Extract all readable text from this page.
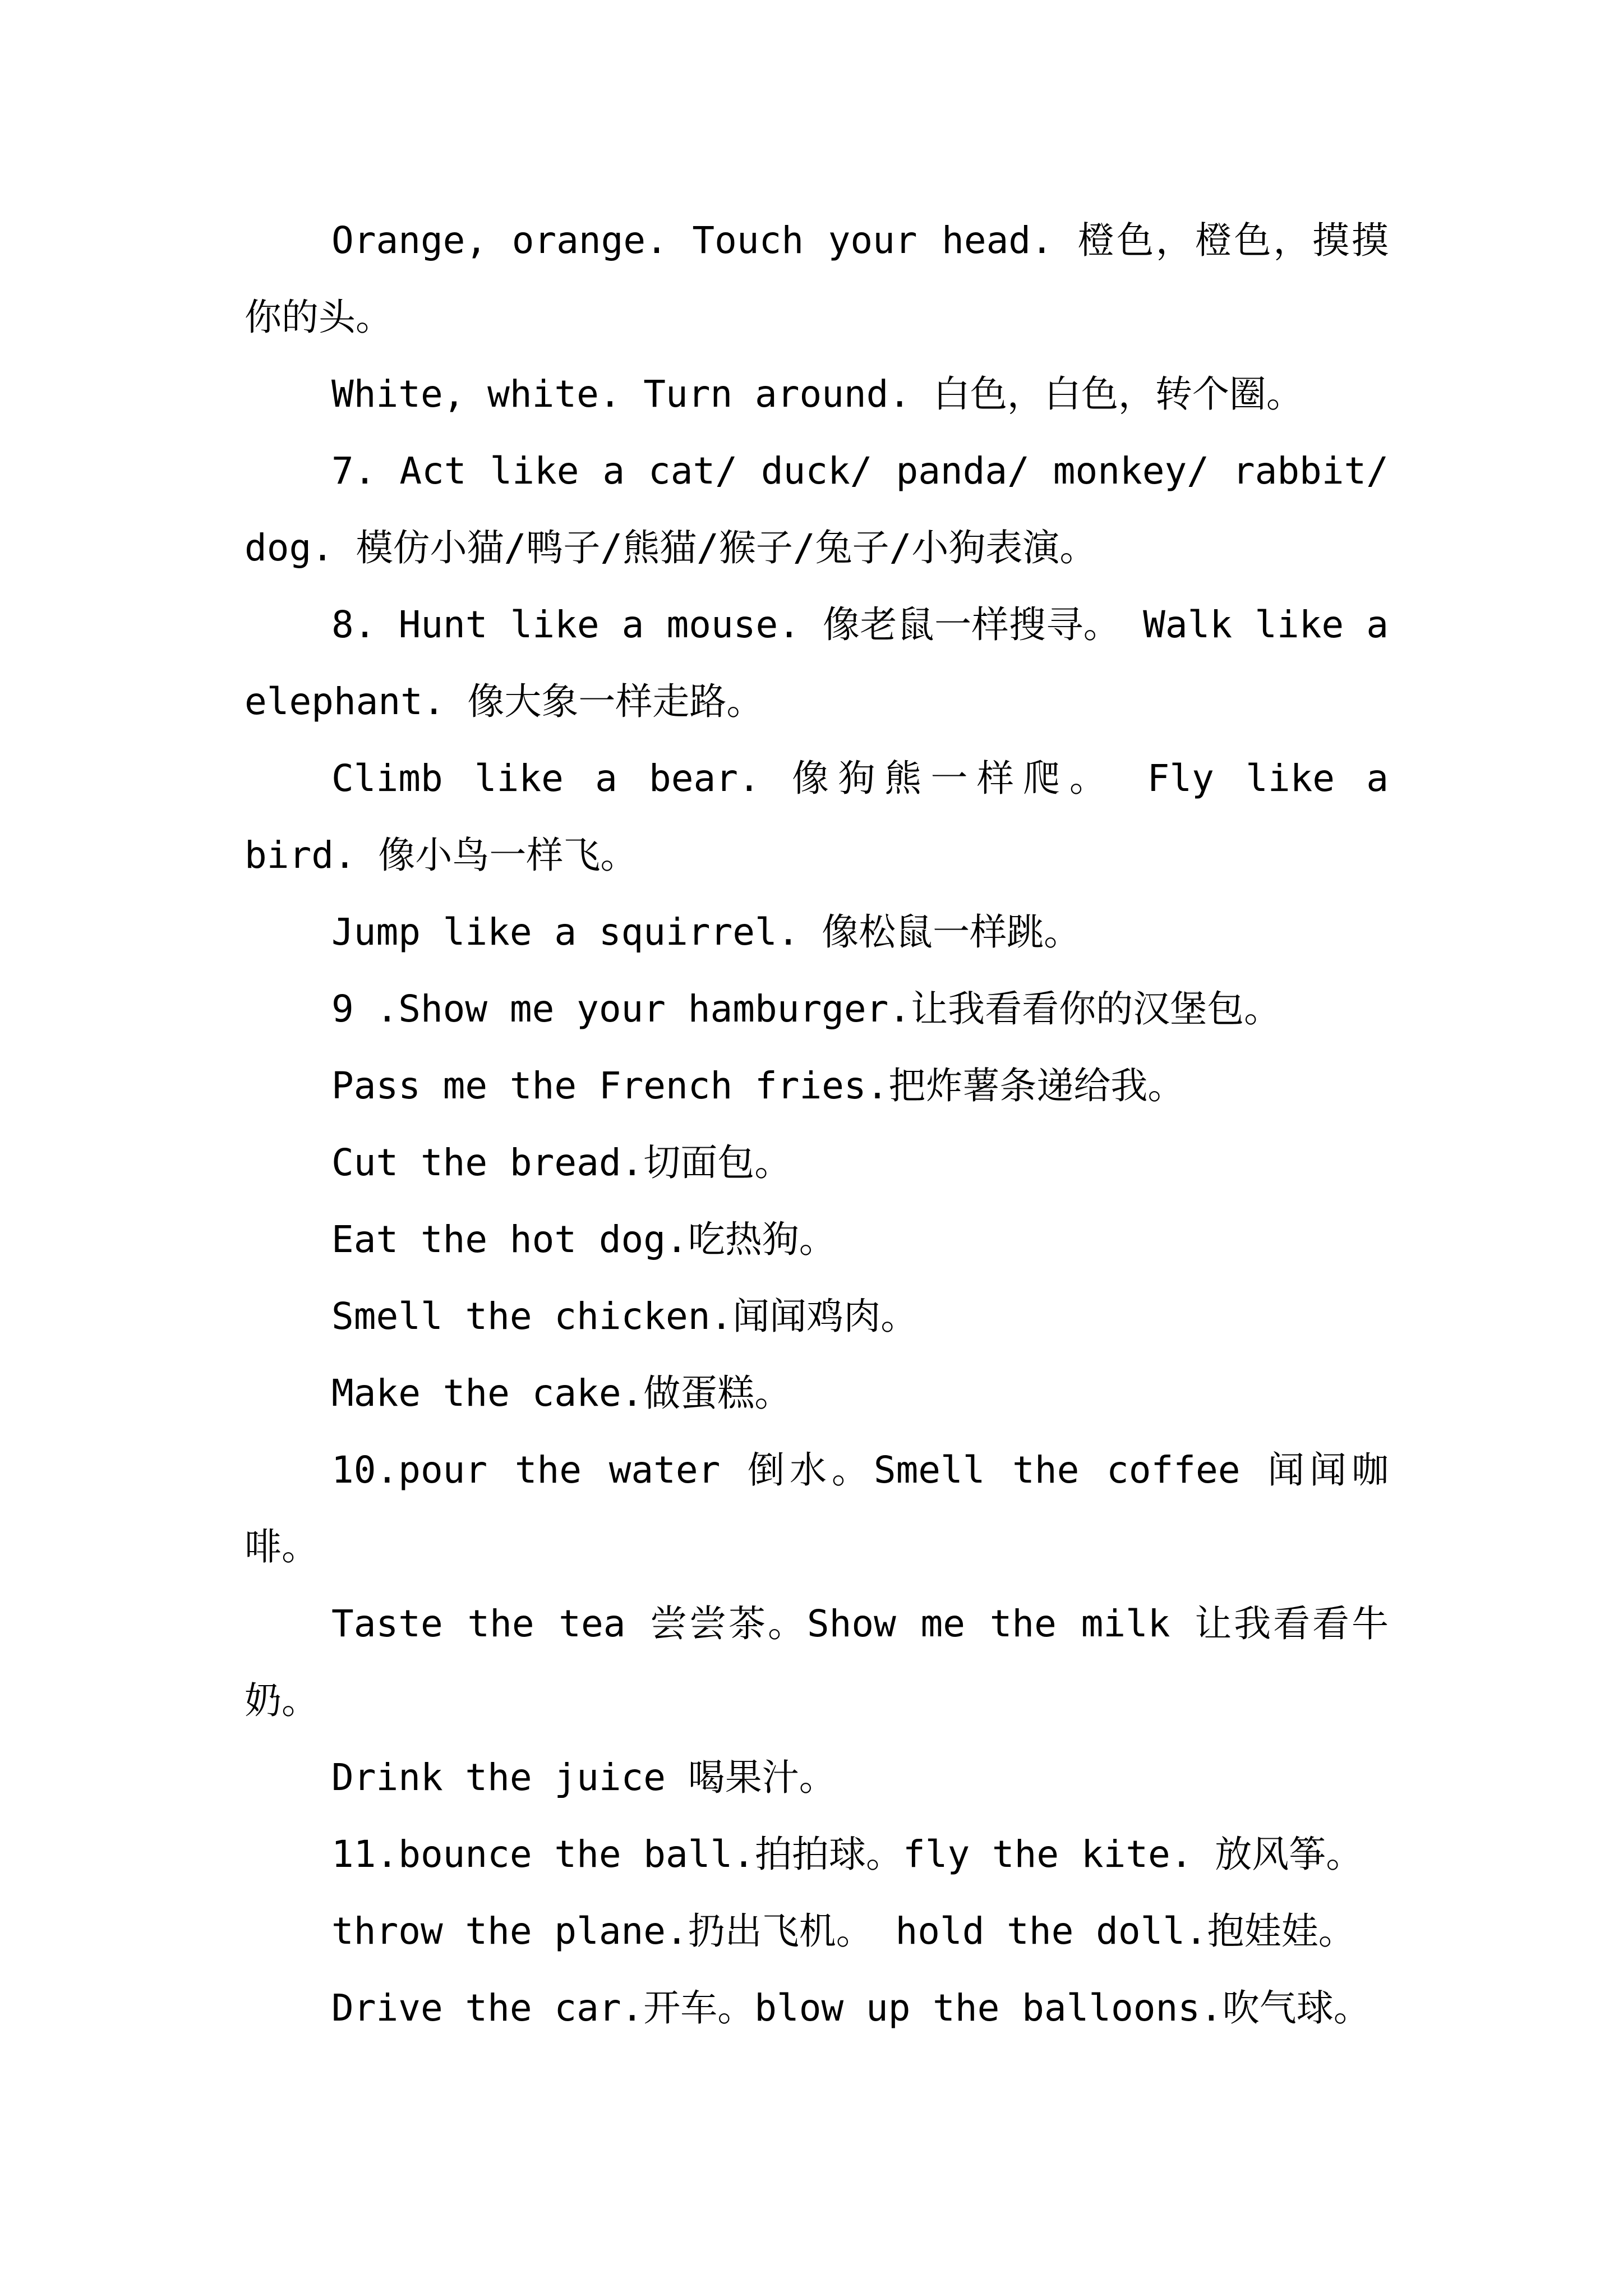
Orange, orange. Touch your head. 橙色，橙色，摸摸你的头。

White, white. Turn around. 白色，白色，转个圈。

7. Act like a cat/ duck/ panda/ monkey/ rabbit/ dog. 模仿小猫/鸭子/熊猫/猴子/兔子/小狗表演。

8. Hunt like a mouse. 像老鼠一样搜寻。 Walk like a elephant. 像大象一样走路。

Climb like a bear. 像狗熊一样爬。 Fly like a bird. 像小鸟一样飞。

Jump like a squirrel. 像松鼠一样跳。

9 .Show me your hamburger.让我看看你的汉堡包。

Pass me the French fries.把炸薯条递给我。

Cut the bread.切面包。

Eat the hot dog.吃热狗。

Smell the chicken.闻闻鸡肉。

Make the cake.做蛋糕。

10.pour the water 倒水。Smell the coffee 闻闻咖啡。

Taste the tea 尝尝茶。Show me the milk 让我看看牛奶。

Drink the juice 喝果汁。

11.bounce the ball.拍拍球。fly the kite. 放风筝。

throw the plane.扔出飞机。 hold the doll.抱娃娃。

Drive the car.开车。blow up the balloons.吹气球。
